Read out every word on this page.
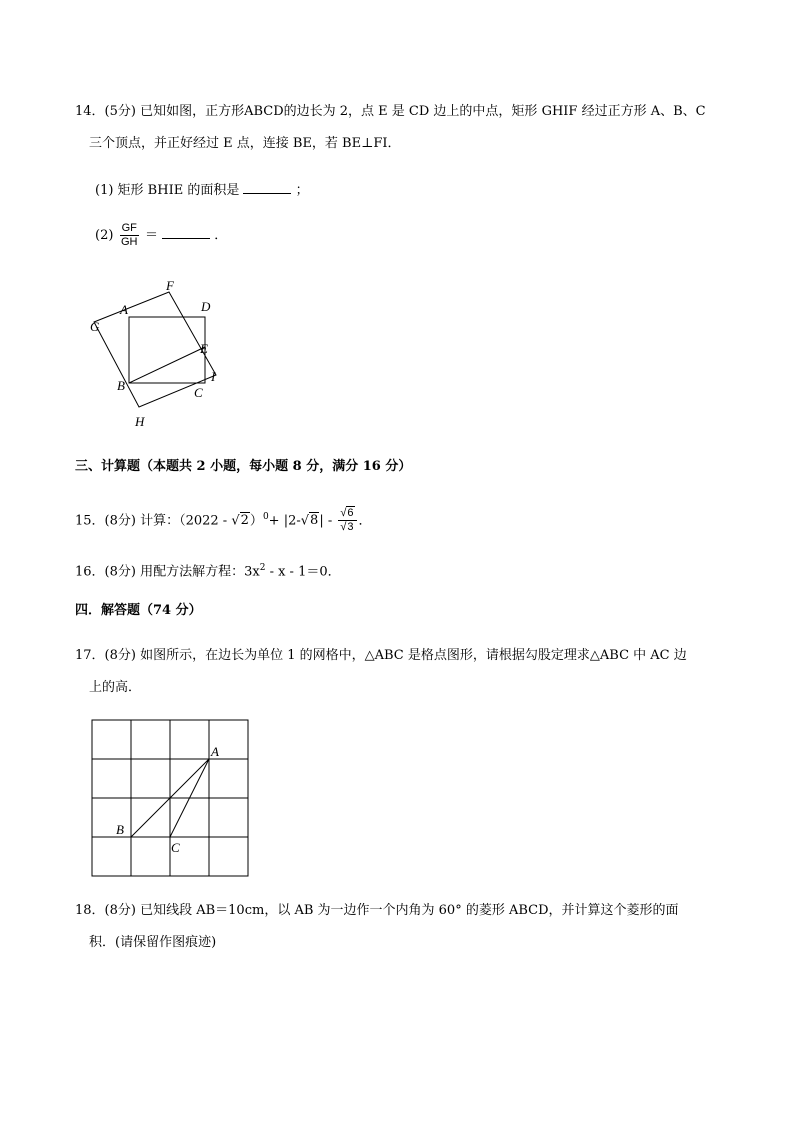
14．(5分) 已知如图，正方形ABCD的边长为 2，点 E 是 CD 边上的中点，矩形 GHIF 经过正方形 A、B、C
三个顶点，并正好经过 E 点，连接 BE，若 BE⊥FI．
(1) 矩形 BHIE 的面积是	；
$(2) \frac{GF}{GH}$ ＝	．
A
F
D
G
E
I
B	C
H
三、计算题（本题共 2 小题，每小题 8 分，满分 16 分）
15．(8分) 计算：$(2022 - √2)^0+ |2-√8| - \frac{√6}{√3}$ ．
16．(8分) 用配方法解方程：$3x^2 - x - 1=0$．
四．解答题（74 分）
17．(8分) 如图所示，在边长为单位 1 的网格中，△ABC 是格点图形，请根据勾股定理求△ABC 中 AC 边
上的高．
A
B
C
18．(8分) 已知线段 AB＝10cm，以 AB 为一边作一个内角为 60° 的菱形 ABCD，并计算这个菱形的面
积．(请保留作图痕迹)
